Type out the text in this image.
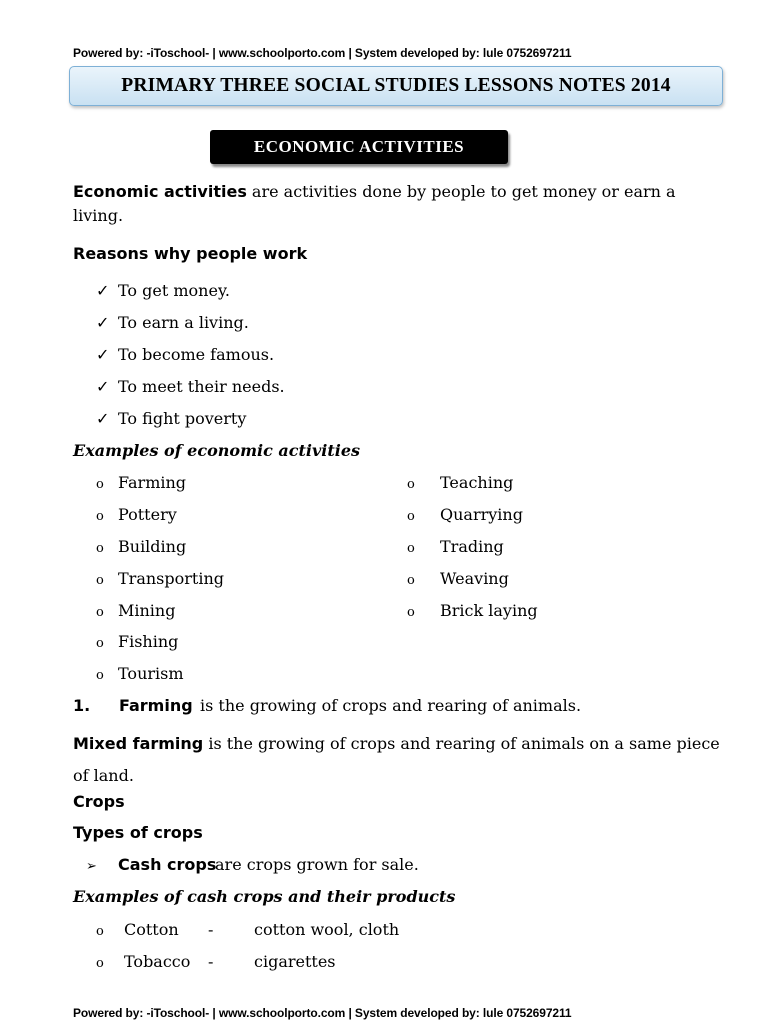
Powered by: -iToschool- | www.schoolporto.com | System developed by: lule 0752697211
PRIMARY THREE SOCIAL STUDIES LESSONS NOTES 2014
ECONOMIC ACTIVITIES
Economic activities are activities done by people to get money or earn a living.
Reasons why people work
✓ To get money.
✓ To earn a living.
✓ To become famous.
✓ To meet their needs.
✓ To fight poverty
Examples of economic activities
o Farming
o Pottery
o Building
o Transporting
o Mining
o Fishing
o Tourism
o Teaching
o Quarrying
o Trading
o Weaving
o Brick laying
1. Farming is the growing of crops and rearing of animals.
Mixed farming is the growing of crops and rearing of animals on a same piece of land.
Crops
Types of crops
➢ Cash crops
are crops grown for sale.
Examples of cash crops and their products
o Cotton -	cotton wool, cloth
o Tobacco -	cigarettes
Powered by: -iToschool- | www.schoolporto.com | System developed by: lule 0752697211
